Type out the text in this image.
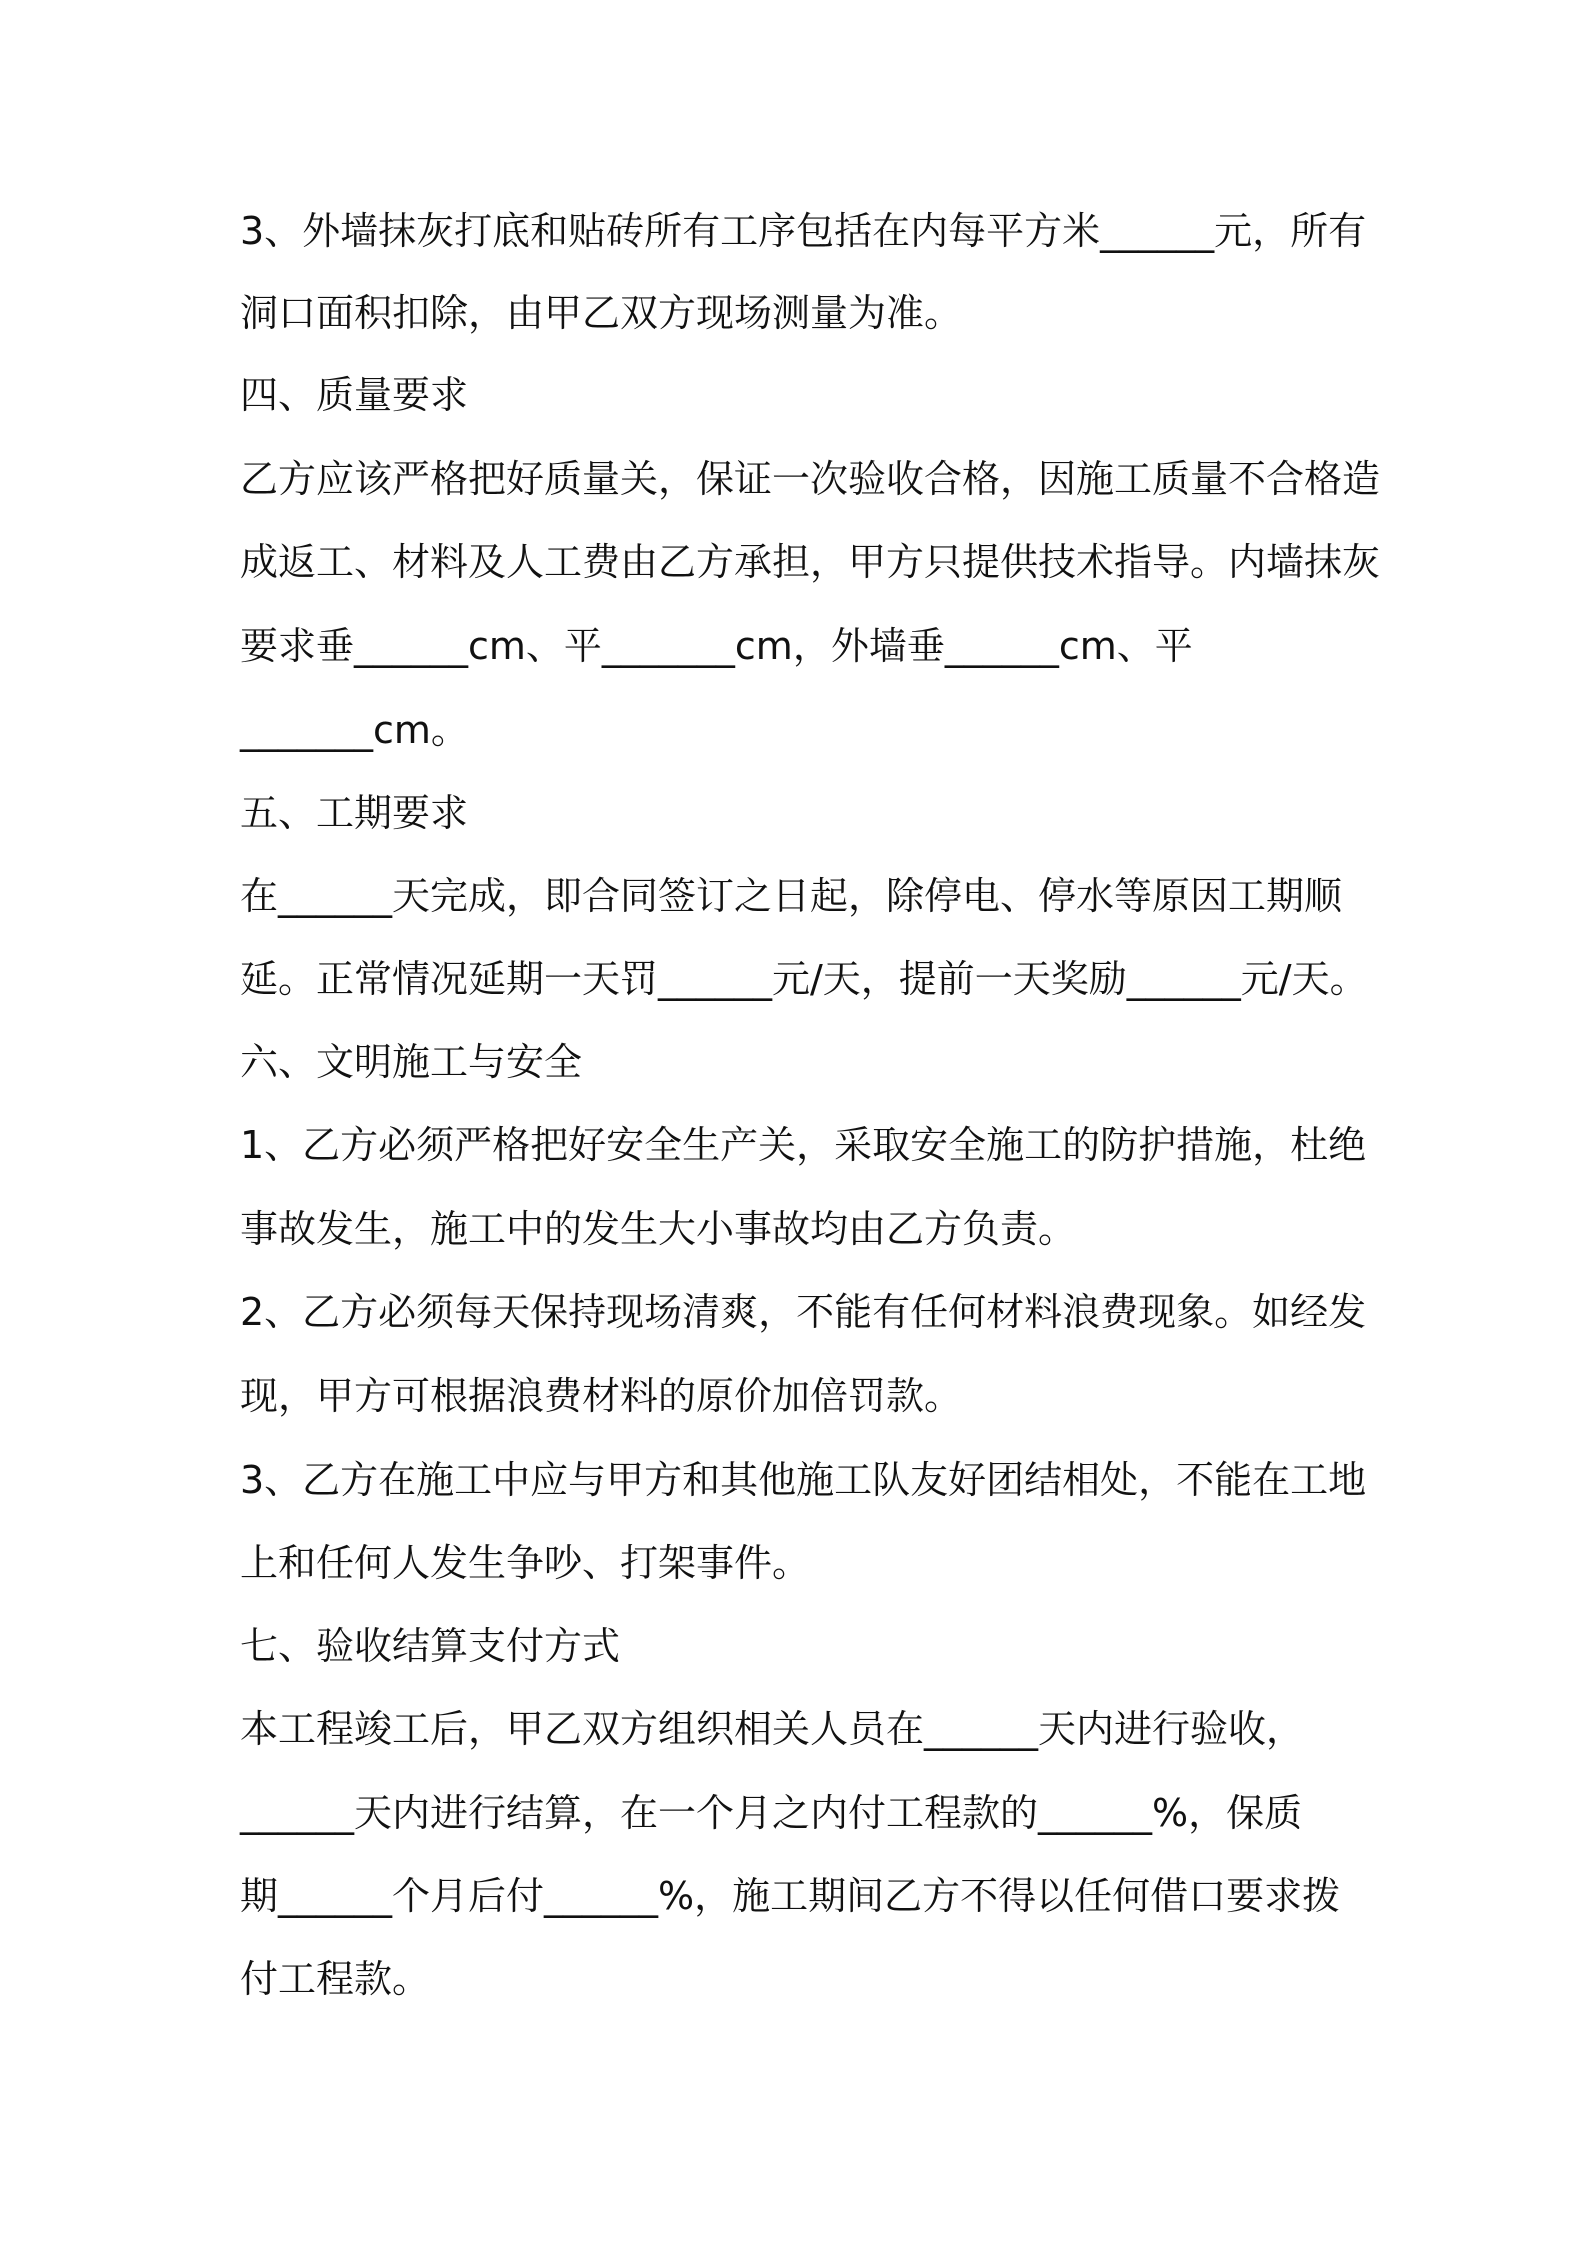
3、外墙抹灰打底和贴砖所有工序包括在内每平方米______元，所有

洞口面积扣除，由甲乙双方现场测量为准。

四、质量要求

乙方应该严格把好质量关，保证一次验收合格，因施工质量不合格造

成返工、材料及人工费由乙方承担，甲方只提供技术指导。内墙抹灰

要求垂______cm、平_______cm，外墙垂______cm、平

_______cm。

五、工期要求

在______天完成，即合同签订之日起，除停电、停水等原因工期顺

延。正常情况延期一天罚______元/天，提前一天奖励______元/天。

六、文明施工与安全

1、乙方必须严格把好安全生产关，采取安全施工的防护措施，杜绝

事故发生，施工中的发生大小事故均由乙方负责。

2、乙方必须每天保持现场清爽，不能有任何材料浪费现象。如经发

现，甲方可根据浪费材料的原价加倍罚款。

3、乙方在施工中应与甲方和其他施工队友好团结相处，不能在工地

上和任何人发生争吵、打架事件。

七、验收结算支付方式

本工程竣工后，甲乙双方组织相关人员在______天内进行验收，

______天内进行结算，在一个月之内付工程款的______%，保质

期______个月后付______%，施工期间乙方不得以任何借口要求拨

付工程款。
